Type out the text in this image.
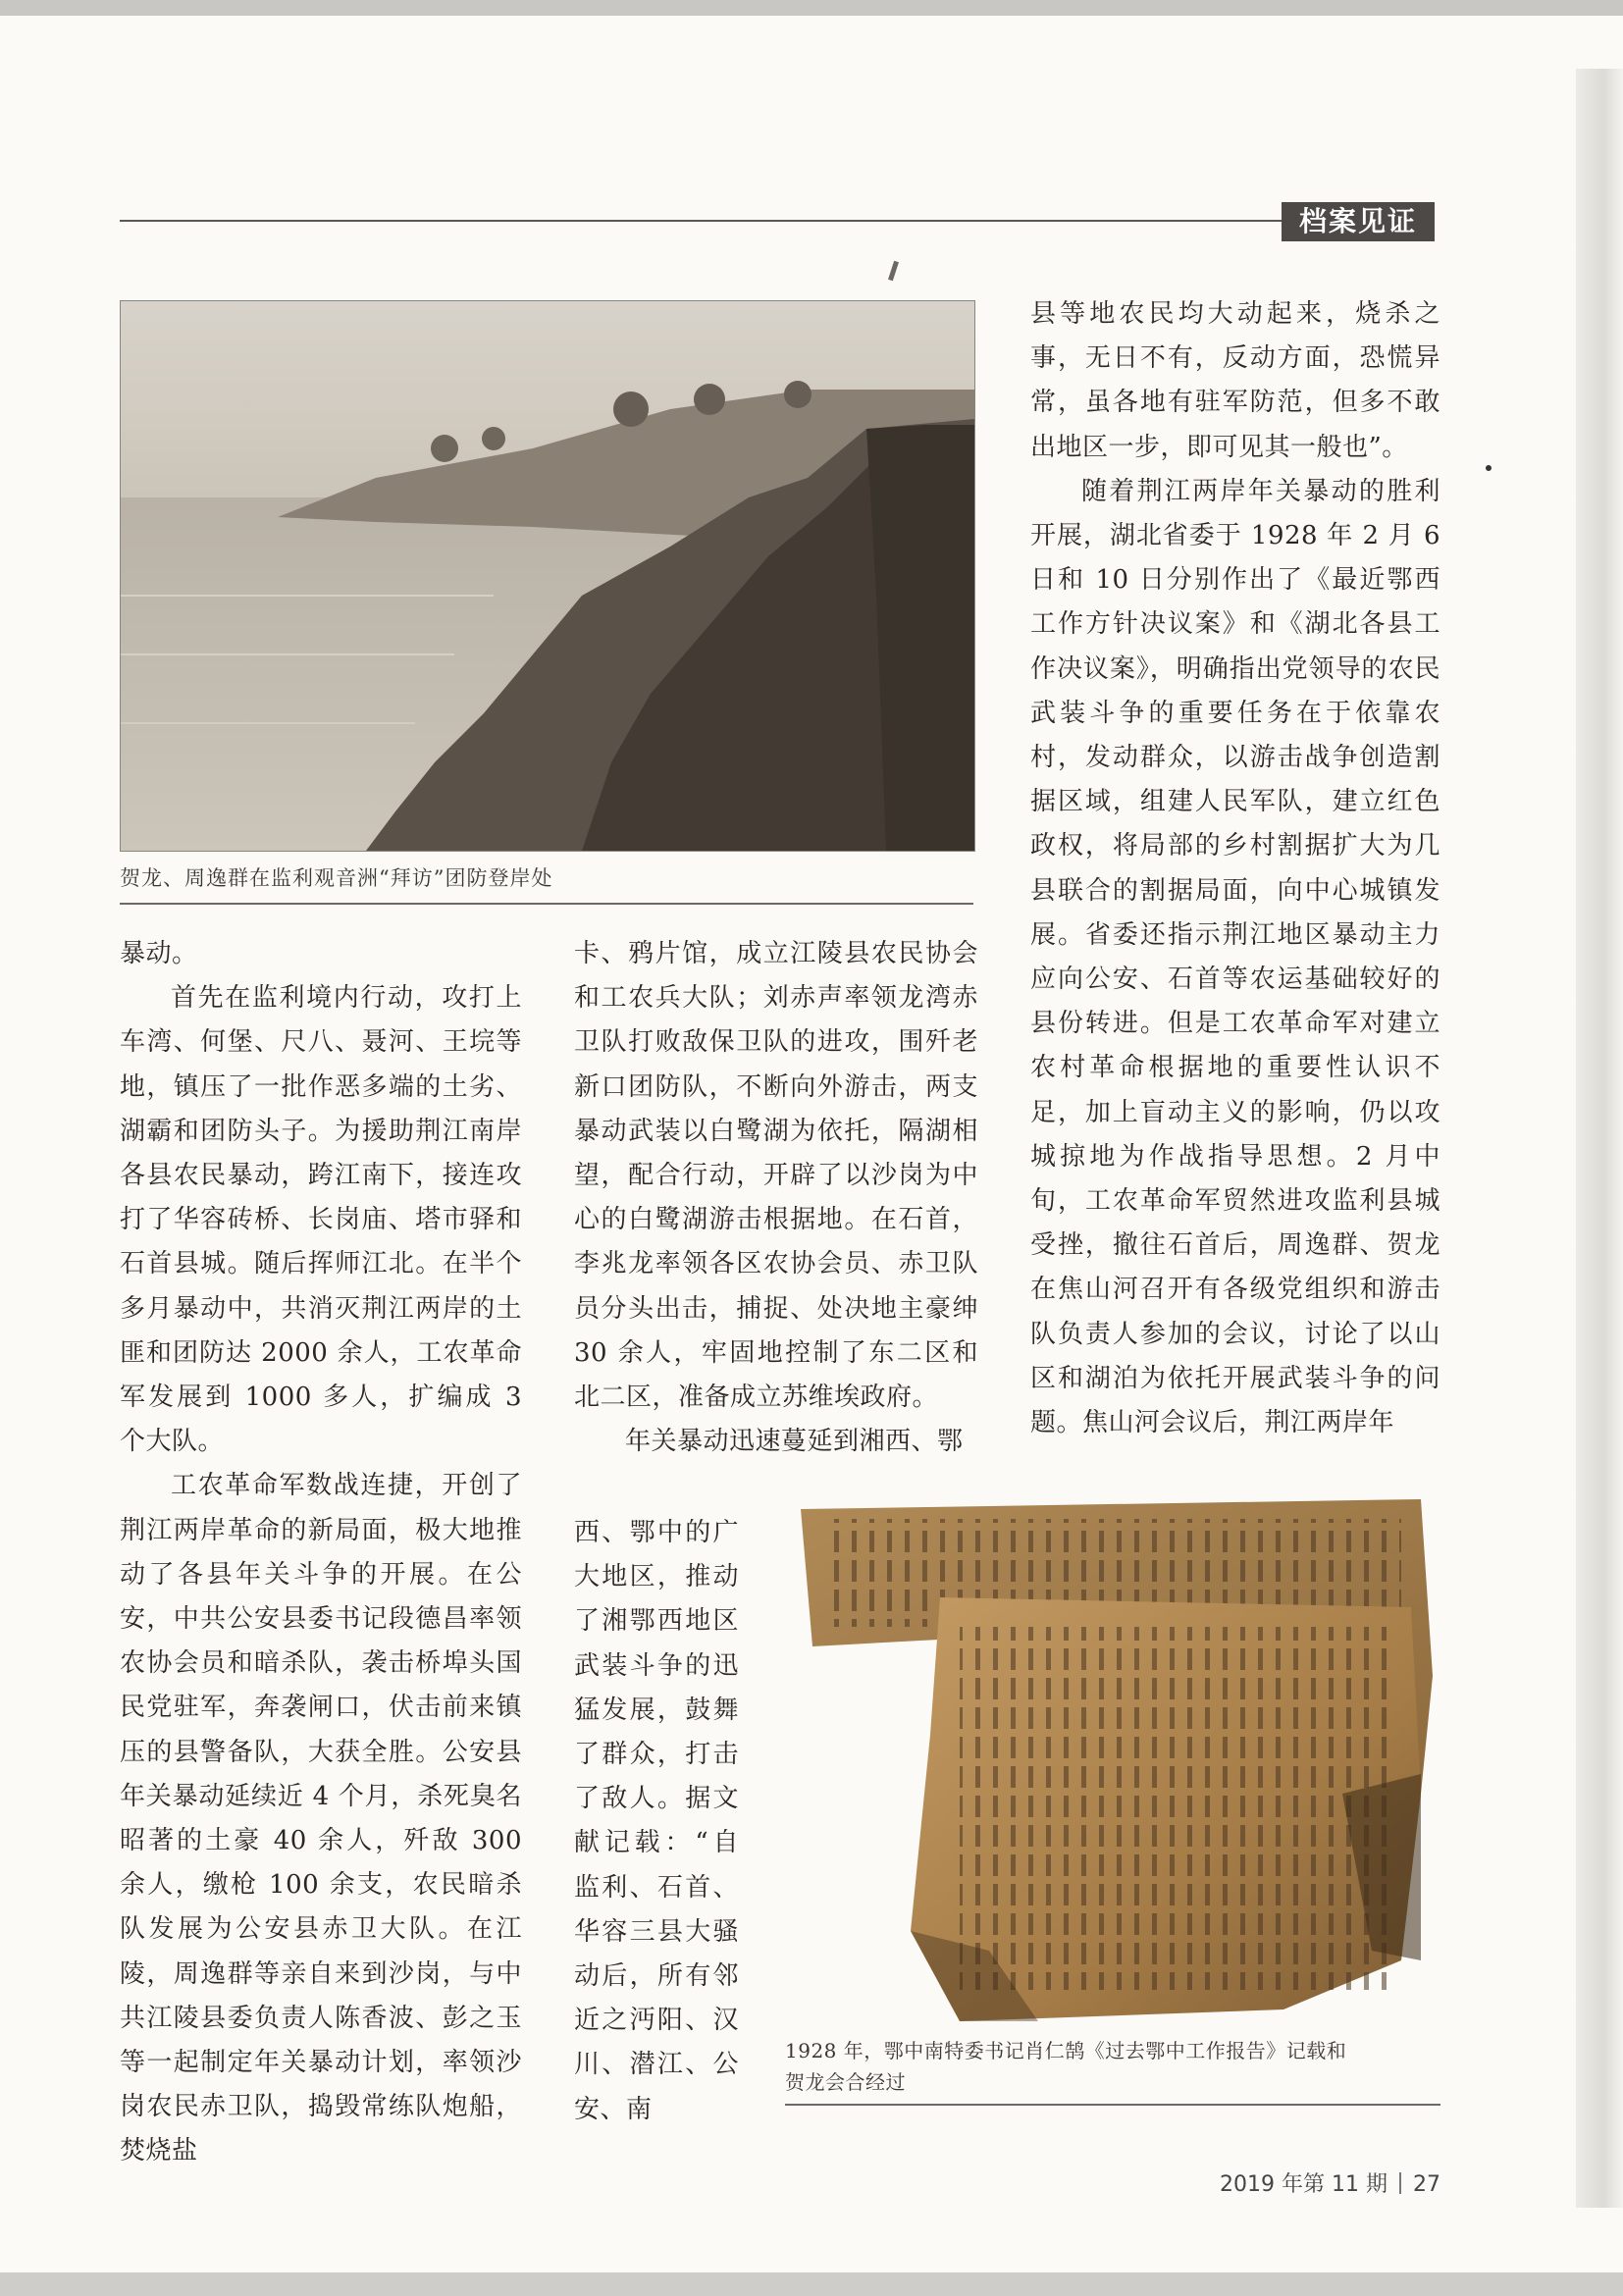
档案见证
贺龙、周逸群在监利观音洲“拜访”团防登岸处

暴动。

首先在监利境内行动，攻打上车湾、何堡、尺八、聂河、王垸等地，镇压了一批作恶多端的土劣、湖霸和团防头子。为援助荆江南岸各县农民暴动，跨江南下，接连攻打了华容砖桥、长岗庙、塔市驿和石首县城。随后挥师江北。在半个多月暴动中，共消灭荆江两岸的土匪和团防达 2000 余人，工农革命军发展到 1000 多人，扩编成 3 个大队。

工农革命军数战连捷，开创了荆江两岸革命的新局面，极大地推动了各县年关斗争的开展。在公安，中共公安县委书记段德昌率领农协会员和暗杀队，袭击桥埠头国民党驻军，奔袭闸口，伏击前来镇压的县警备队，大获全胜。公安县年关暴动延续近 4 个月，杀死臭名昭著的土豪 40 余人，歼敌 300 余人，缴枪 100 余支，农民暗杀队发展为公安县赤卫大队。在江陵，周逸群等亲自来到沙岗，与中共江陵县委负责人陈香波、彭之玉等一起制定年关暴动计划，率领沙岗农民赤卫队，捣毁常练队炮船，焚烧盐

卡、鸦片馆，成立江陵县农民协会和工农兵大队；刘赤声率领龙湾赤卫队打败敌保卫队的进攻，围歼老新口团防队，不断向外游击，两支暴动武装以白鹭湖为依托，隔湖相望，配合行动，开辟了以沙岗为中心的白鹭湖游击根据地。在石首，李兆龙率领各区农协会员、赤卫队员分头出击，捕捉、处决地主豪绅 30 余人，牢固地控制了东二区和北二区，准备成立苏维埃政府。

年关暴动迅速蔓延到湘西、鄂

西、鄂中的广大地区，推动了湘鄂西地区武装斗争的迅猛发展，鼓舞了群众，打击了敌人。据文献记载：“自监利、石首、华容三县大骚动后，所有邻近之沔阳、汉川、潜江、公安、南

县等地农民均大动起来，烧杀之事，无日不有，反动方面，恐慌异常，虽各地有驻军防范，但多不敢出地区一步，即可见其一般也”。

随着荆江两岸年关暴动的胜利开展，湖北省委于 1928 年 2 月 6 日和 10 日分别作出了《最近鄂西工作方针决议案》和《湖北各县工作决议案》，明确指出党领导的农民武装斗争的重要任务在于依靠农村，发动群众，以游击战争创造割据区域，组建人民军队，建立红色政权，将局部的乡村割据扩大为几县联合的割据局面，向中心城镇发展。省委还指示荆江地区暴动主力应向公安、石首等农运基础较好的县份转进。但是工农革命军对建立农村革命根据地的重要性认识不足，加上盲动主义的影响，仍以攻城掠地为作战指导思想。2 月中旬，工农革命军贸然进攻监利县城受挫，撤往石首后，周逸群、贺龙在焦山河召开有各级党组织和游击队负责人参加的会议，讨论了以山区和湖泊为依托开展武装斗争的问题。焦山河会议后，荆江两岸年

1928 年，鄂中南特委书记肖仁鹄《过去鄂中工作报告》记载和
贺龙会合经过
2019 年第 11 期 27
